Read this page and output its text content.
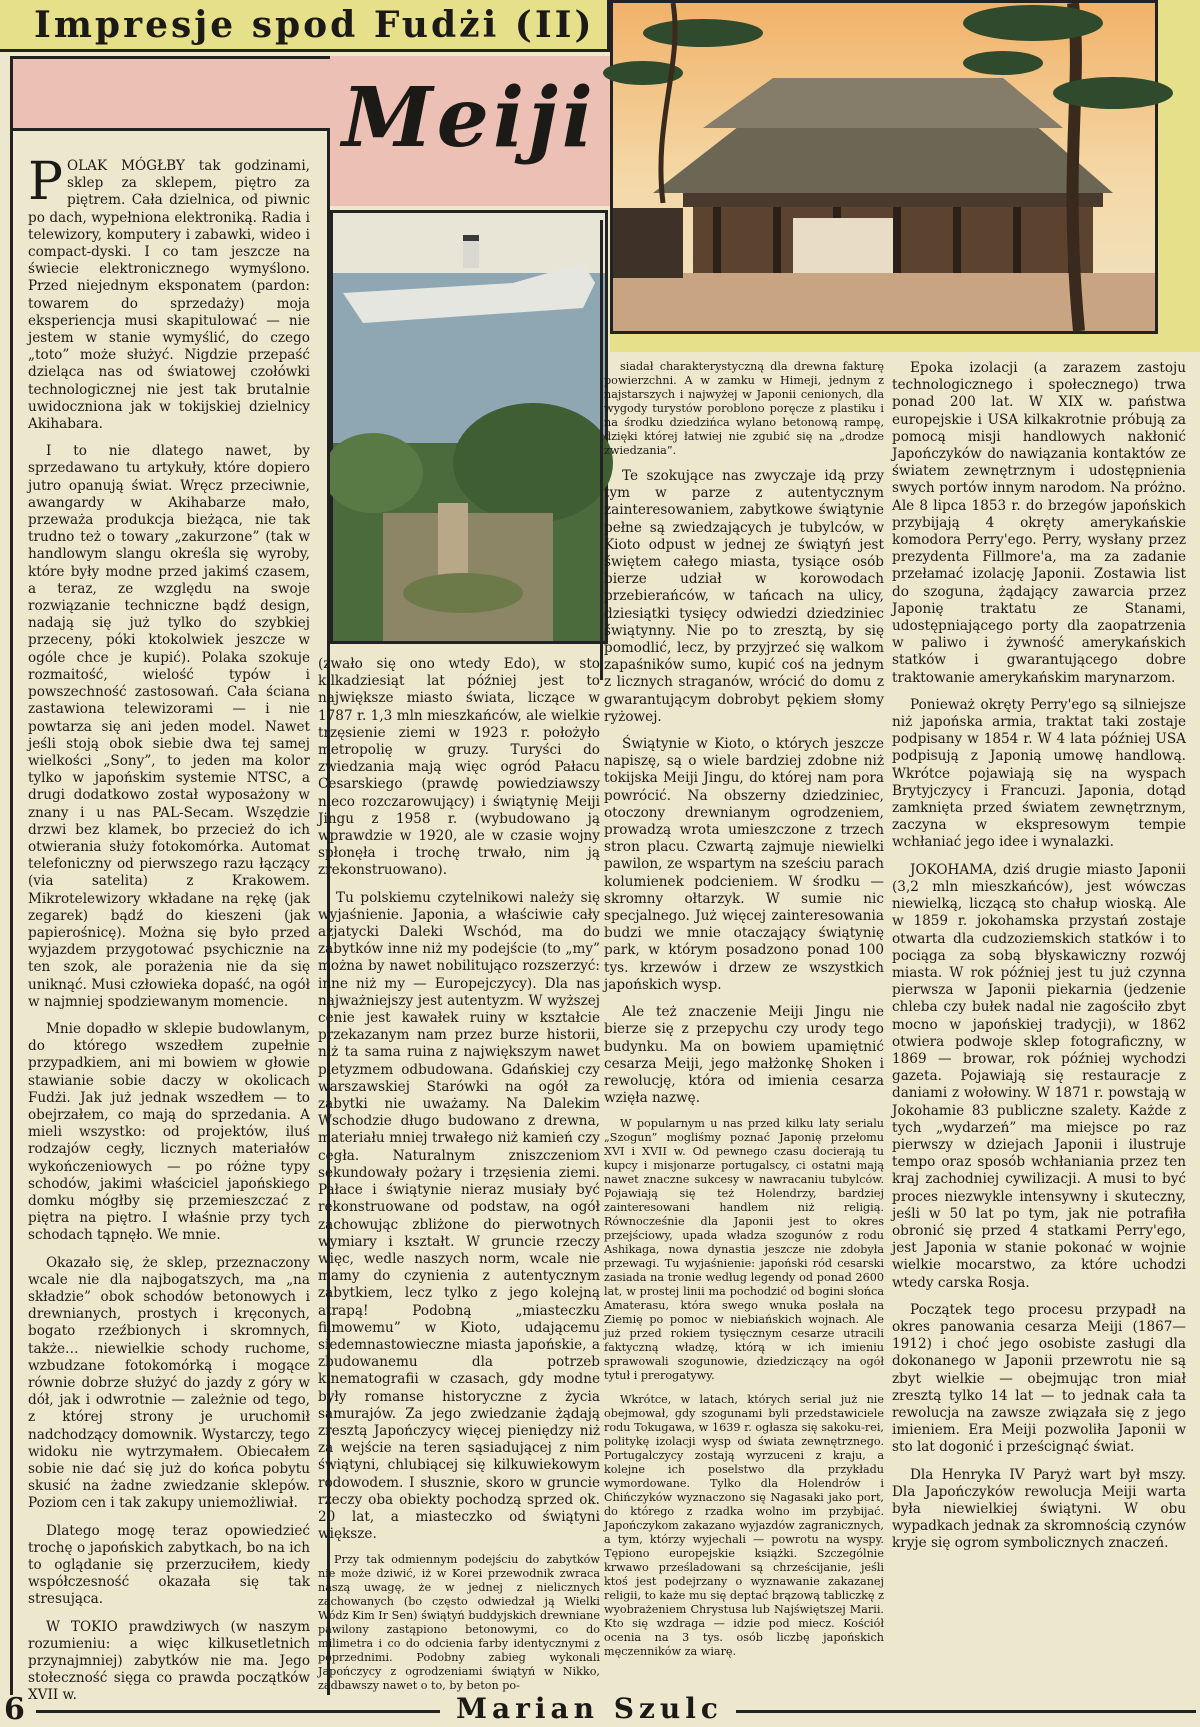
Impresje spod Fudżi (II)
Meiji

POLAK MÓGŁBY tak godzinami, sklep za sklepem, piętro za piętrem. Cała dzielnica, od piwnic po dach, wypełniona elektroniką. Radia i telewizory, komputery i zabawki, wideo i compact-dyski. I co tam jeszcze na świecie elektronicznego wymyślono. Przed niejednym eksponatem (pardon: towarem do sprzedaży) moja eksperiencja musi skapitulować — nie jestem w stanie wymyślić, do czego „toto” może służyć. Nigdzie przepaść dzieląca nas od światowej czołówki technologicznej nie jest tak brutalnie uwidoczniona jak w tokijskiej dzielnicy Akihabara.

I to nie dlatego nawet, by sprzedawano tu artykuły, które dopiero jutro opanują świat. Wręcz przeciwnie, awangardy w Akihabarze mało, przeważa produkcja bieżąca, nie tak trudno też o towary „zakurzone” (tak w handlowym slangu określa się wyroby, które były modne przed jakimś czasem, a teraz, ze względu na swoje rozwiązanie techniczne bądź design, nadają się już tylko do szybkiej przeceny, póki ktokolwiek jeszcze w ogóle chce je kupić). Polaka szokuje rozmaitość, wielość typów i powszechność zastosowań. Cała ściana zastawiona telewizorami — i nie powtarza się ani jeden model. Nawet jeśli stoją obok siebie dwa tej samej wielkości „Sony”, to jeden ma kolor tylko w japońskim systemie NTSC, a drugi dodatkowo został wyposażony w znany i u nas PAL-Secam. Wszędzie drzwi bez klamek, bo przecież do ich otwierania służy fotokomórka. Automat telefoniczny od pierwszego razu łączący (via satelita) z Krakowem. Mikrotelewizory wkładane na rękę (jak zegarek) bądź do kieszeni (jak papierośnicę). Można się było przed wyjazdem przygotować psychicznie na ten szok, ale porażenia nie da się uniknąć. Musi człowieka dopaść, na ogół w najmniej spodziewanym momencie.

Mnie dopadło w sklepie budowlanym, do którego wszedłem zupełnie przypadkiem, ani mi bowiem w głowie stawianie sobie daczy w okolicach Fudżi. Jak już jednak wszedłem — to obejrzałem, co mają do sprzedania. A mieli wszystko: od projektów, iluś rodzajów cegły, licznych materiałów wykończeniowych — po różne typy schodów, jakimi właściciel japońskiego domku mógłby się przemieszczać z piętra na piętro. I właśnie przy tych schodach tąpnęło. We mnie.

Okazało się, że sklep, przeznaczony wcale nie dla najbogatszych, ma „na składzie” obok schodów betonowych i drewnianych, prostych i kręconych, bogato rzeźbionych i skromnych, także… niewielkie schody ruchome, wzbudzane fotokomórką i mogące równie dobrze służyć do jazdy z góry w dół, jak i odwrotnie — zależnie od tego, z której strony je uruchomił nadchodzący domownik. Wystarczy, tego widoku nie wytrzymałem. Obiecałem sobie nie dać się już do końca pobytu skusić na żadne zwiedzanie sklepów. Poziom cen i tak zakupy uniemożliwiał.

Dlatego mogę teraz opowiedzieć trochę o japońskich zabytkach, bo na ich to oglądanie się przerzuciłem, kiedy współczesność okazała się tak stresująca.

W TOKIO prawdziwych (w naszym rozumieniu: a więc kilkusetletnich przynajmniej) zabytków nie ma. Jego stołeczność sięga co prawda początków XVII w.

(zwało się ono wtedy Edo), w sto kilkadziesiąt lat później jest to największe miasto świata, liczące w 1787 r. 1,3 mln mieszkańców, ale wielkie trzęsienie ziemi w 1923 r. położyło metropolię w gruzy. Turyści do zwiedzania mają więc ogród Pałacu Cesarskiego (prawdę powiedziawszy nieco rozczarowujący) i świątynię Meiji Jingu z 1958 r. (wybudowano ją wprawdzie w 1920, ale w czasie wojny spłonęła i trochę trwało, nim ją zrekonstruowano).

Tu polskiemu czytelnikowi należy się wyjaśnienie. Japonia, a właściwie cały azjatycki Daleki Wschód, ma do zabytków inne niż my podejście (to „my” można by nawet nobilitująco rozszerzyć: inne niż my — Europejczycy). Dla nas najważniejszy jest autentyzm. W wyższej cenie jest kawałek ruiny w kształcie przekazanym nam przez burze historii, niż ta sama ruina z największym nawet pietyzmem odbudowana. Gdańskiej czy warszawskiej Starówki na ogół za zabytki nie uważamy. Na Dalekim Wschodzie długo budowano z drewna, materiału mniej trwałego niż kamień czy cegła. Naturalnym zniszczeniom sekundowały pożary i trzęsienia ziemi. Pałace i świątynie nieraz musiały być rekonstruowane od podstaw, na ogół zachowując zbliżone do pierwotnych wymiary i kształt. W gruncie rzeczy więc, wedle naszych norm, wcale nie mamy do czynienia z autentycznym zabytkiem, lecz tylko z jego kolejną atrapą! Podobną „miasteczku filmowemu” w Kioto, udającemu siedemnastowieczne miasta japońskie, a zbudowanemu dla potrzeb kinematografii w czasach, gdy modne były romanse historyczne z życia samurajów. Za jego zwiedzanie żądają zresztą Japończycy więcej pieniędzy niż za wejście na teren sąsiadującej z nim świątyni, chlubiącej się kilkuwiekowym rodowodem. I słusznie, skoro w gruncie rzeczy oba obiekty pochodzą sprzed ok. 20 lat, a miasteczko od świątyni większe.

Przy tak odmiennym podejściu do zabytków nie może dziwić, iż w Korei przewodnik zwraca naszą uwagę, że w jednej z nielicznych zachowanych (bo często odwiedzał ją Wielki Wódz Kim Ir Sen) świątyń buddyjskich drewniane pawilony zastąpiono betonowymi, co do milimetra i co do odcienia farby identycznymi z poprzednimi. Podobny zabieg wykonali Japończycy z ogrodzeniami świątyń w Nikko, zadbawszy nawet o to, by beton po-

siadał charakterystyczną dla drewna fakturę powierzchni. A w zamku w Himeji, jednym z najstarszych i najwyżej w Japonii cenionych, dla wygody turystów poroblono poręcze z plastiku i na środku dziedzińca wylano betonową rampę, dzięki której łatwiej nie zgubić się na „drodze zwiedzania”.

Te szokujące nas zwyczaje idą przy tym w parze z autentycznym zainteresowaniem, zabytkowe świątynie pełne są zwiedzających je tubylców, w Kioto odpust w jednej ze świątyń jest świętem całego miasta, tysiące osób bierze udział w korowodach przebierańców, w tańcach na ulicy, dziesiątki tysięcy odwiedzi dziedziniec świątynny. Nie po to zresztą, by się pomodlić, lecz, by przyjrzeć się walkom zapaśników sumo, kupić coś na jednym z licznych straganów, wrócić do domu z gwarantującym dobrobyt pękiem słomy ryżowej.

Świątynie w Kioto, o których jeszcze napiszę, są o wiele bardziej zdobne niż tokijska Meiji Jingu, do której nam pora powrócić. Na obszerny dziedziniec, otoczony drewnianym ogrodzeniem, prowadzą wrota umieszczone z trzech stron placu. Czwartą zajmuje niewielki pawilon, ze wspartym na sześciu parach kolumienek podcieniem. W środku — skromny ołtarzyk. W sumie nic specjalnego. Już więcej zainteresowania budzi we mnie otaczający świątynię park, w którym posadzono ponad 100 tys. krzewów i drzew ze wszystkich japońskich wysp.

Ale też znaczenie Meiji Jingu nie bierze się z przepychu czy urody tego budynku. Ma on bowiem upamiętnić cesarza Meiji, jego małżonkę Shoken i rewolucję, która od imienia cesarza wzięła nazwę.

W popularnym u nas przed kilku laty serialu „Szogun” mogliśmy poznać Japonię przełomu XVI i XVII w. Od pewnego czasu docierają tu kupcy i misjonarze portugalscy, ci ostatni mają nawet znaczne sukcesy w nawracaniu tubylców. Pojawiają się też Holendrzy, bardziej zainteresowani handlem niż religią. Równocześnie dla Japonii jest to okres przejściowy, upada władza szogunów z rodu Ashikaga, nowa dynastia jeszcze nie zdobyła przewagi. Tu wyjaśnienie: japoński ród cesarski zasiada na tronie według legendy od ponad 2600 lat, w prostej linii ma pochodzić od bogini słońca Amaterasu, która swego wnuka posłała na Ziemię po pomoc w niebiańskich wojnach. Ale już przed rokiem tysięcznym cesarze utracili faktyczną władzę, którą w ich imieniu sprawowali szogunowie, dziedziczący na ogół tytuł i prerogatywy.

Wkrótce, w latach, których serial już nie obejmował, gdy szogunami byli przedstawiciele rodu Tokugawa, w 1639 r. ogłasza się sakoku-rei, politykę izolacji wysp od świata zewnętrznego. Portugalczycy zostają wyrzuceni z kraju, a kolejne ich poselstwo dla przykładu wymordowane. Tylko dla Holendrów i Chińczyków wyznaczono się Nagasaki jako port, do którego z rzadka wolno im przybijać. Japończykom zakazano wyjazdów zagranicznych, a tym, którzy wyjechali — powrotu na wyspy. Tępiono europejskie książki. Szczególnie krwawo prześladowani są chrześcijanie, jeśli ktoś jest podejrzany o wyznawanie zakazanej religii, to każe mu się deptać brązową tabliczkę z wyobrażeniem Chrystusa lub Najświętszej Marii. Kto się wzdraga — idzie pod miecz. Kościół ocenia na 3 tys. osób liczbę japońskich męczenników za wiarę.

Epoka izolacji (a zarazem zastoju technologicznego i społecznego) trwa ponad 200 lat. W XIX w. państwa europejskie i USA kilkakrotnie próbują za pomocą misji handlowych nakłonić Japończyków do nawiązania kontaktów ze światem zewnętrznym i udostępnienia swych portów innym narodom. Na próżno. Ale 8 lipca 1853 r. do brzegów japońskich przybijają 4 okręty amerykańskie komodora Perry'ego. Perry, wysłany przez prezydenta Fillmore'a, ma za zadanie przełamać izolację Japonii. Zostawia list do szoguna, żądający zawarcia przez Japonię traktatu ze Stanami, udostępniającego porty dla zaopatrzenia w paliwo i żywność amerykańskich statków i gwarantującego dobre traktowanie amerykańskim marynarzom.

Ponieważ okręty Perry'ego są silniejsze niż japońska armia, traktat taki zostaje podpisany w 1854 r. W 4 lata później USA podpisują z Japonią umowę handlową. Wkrótce pojawiają się na wyspach Brytyjczycy i Francuzi. Japonia, dotąd zamknięta przed światem zewnętrznym, zaczyna w ekspresowym tempie wchłaniać jego idee i wynalazki.

JOKOHAMA, dziś drugie miasto Japonii (3,2 mln mieszkańców), jest wówczas niewielką, liczącą sto chałup wioską. Ale w 1859 r. jokohamska przystań zostaje otwarta dla cudzoziemskich statków i to pociąga za sobą błyskawiczny rozwój miasta. W rok później jest tu już czynna pierwsza w Japonii piekarnia (jedzenie chleba czy bułek nadal nie zagościło zbyt mocno w japońskiej tradycji), w 1862 otwiera podwoje sklep fotograficzny, w 1869 — browar, rok później wychodzi gazeta. Pojawiają się restauracje z daniami z wołowiny. W 1871 r. powstają w Jokohamie 83 publiczne szalety. Każde z tych „wydarzeń” ma miejsce po raz pierwszy w dziejach Japonii i ilustruje tempo oraz sposób wchłaniania przez ten kraj zachodniej cywilizacji. A musi to być proces niezwykle intensywny i skuteczny, jeśli w 50 lat po tym, jak nie potrafiła obronić się przed 4 statkami Perry'ego, jest Japonia w stanie pokonać w wojnie wielkie mocarstwo, za które uchodzi wtedy carska Rosja.

Początek tego procesu przypadł na okres panowania cesarza Meiji (1867—1912) i choć jego osobiste zasługi dla dokonanego w Japonii przewrotu nie są zbyt wielkie — obejmując tron miał zresztą tylko 14 lat — to jednak cała ta rewolucja na zawsze związała się z jego imieniem. Era Meiji pozwoliła Japonii w sto lat dogonić i prześcignąć świat.

Dla Henryka IV Paryż wart był mszy. Dla Japończyków rewolucja Meiji warta była niewielkiej świątyni. W obu wypadkach jednak za skromnością czynów kryje się ogrom symbolicznych znaczeń.

6	Marian Szulc
